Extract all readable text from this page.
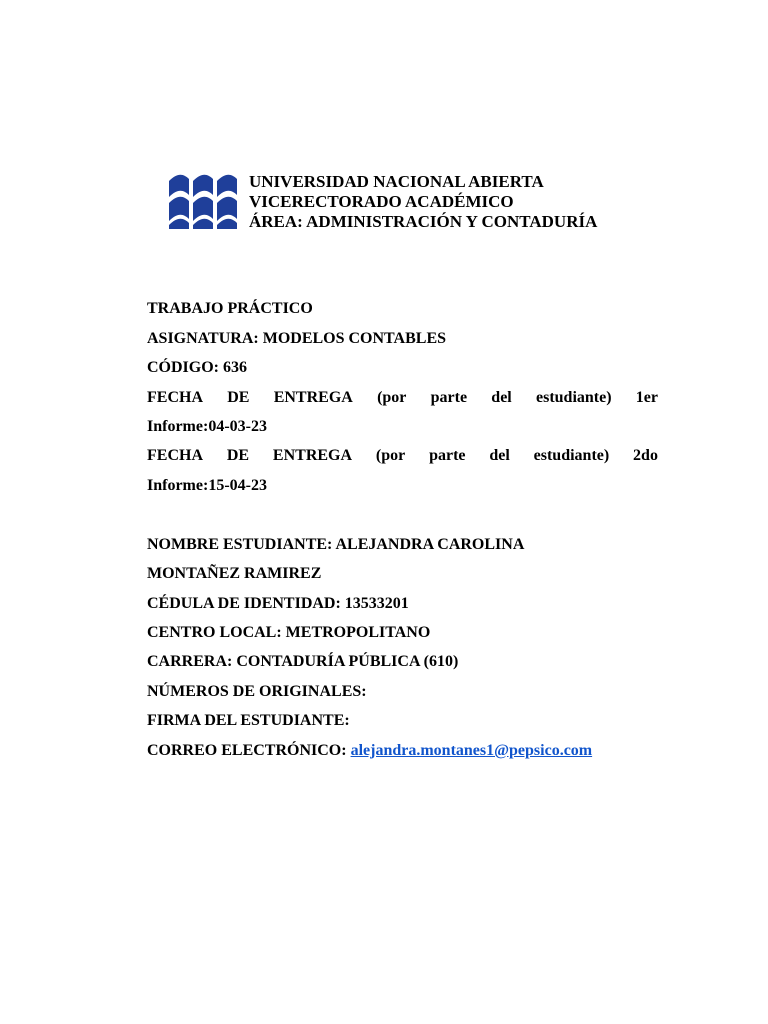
UNIVERSIDAD NACIONAL ABIERTA
VICERECTORADO ACADÉMICO
ÁREA: ADMINISTRACIÓN Y CONTADURÍA
TRABAJO PRÁCTICO
ASIGNATURA: MODELOS CONTABLES
CÓDIGO: 636
FECHA DE ENTREGA (por parte del estudiante) 1er
Informe:04-03-23
FECHA DE ENTREGA (por parte del estudiante) 2do
Informe:15-04-23
NOMBRE ESTUDIANTE: ALEJANDRA CAROLINA
MONTAÑEZ RAMIREZ
CÉDULA DE IDENTIDAD: 13533201
CENTRO LOCAL: METROPOLITANO
CARRERA: CONTADURÍA PÚBLICA (610)
NÚMEROS DE ORIGINALES:
FIRMA DEL ESTUDIANTE:
CORREO ELECTRÓNICO: alejandra.montanes1@pepsico.com
